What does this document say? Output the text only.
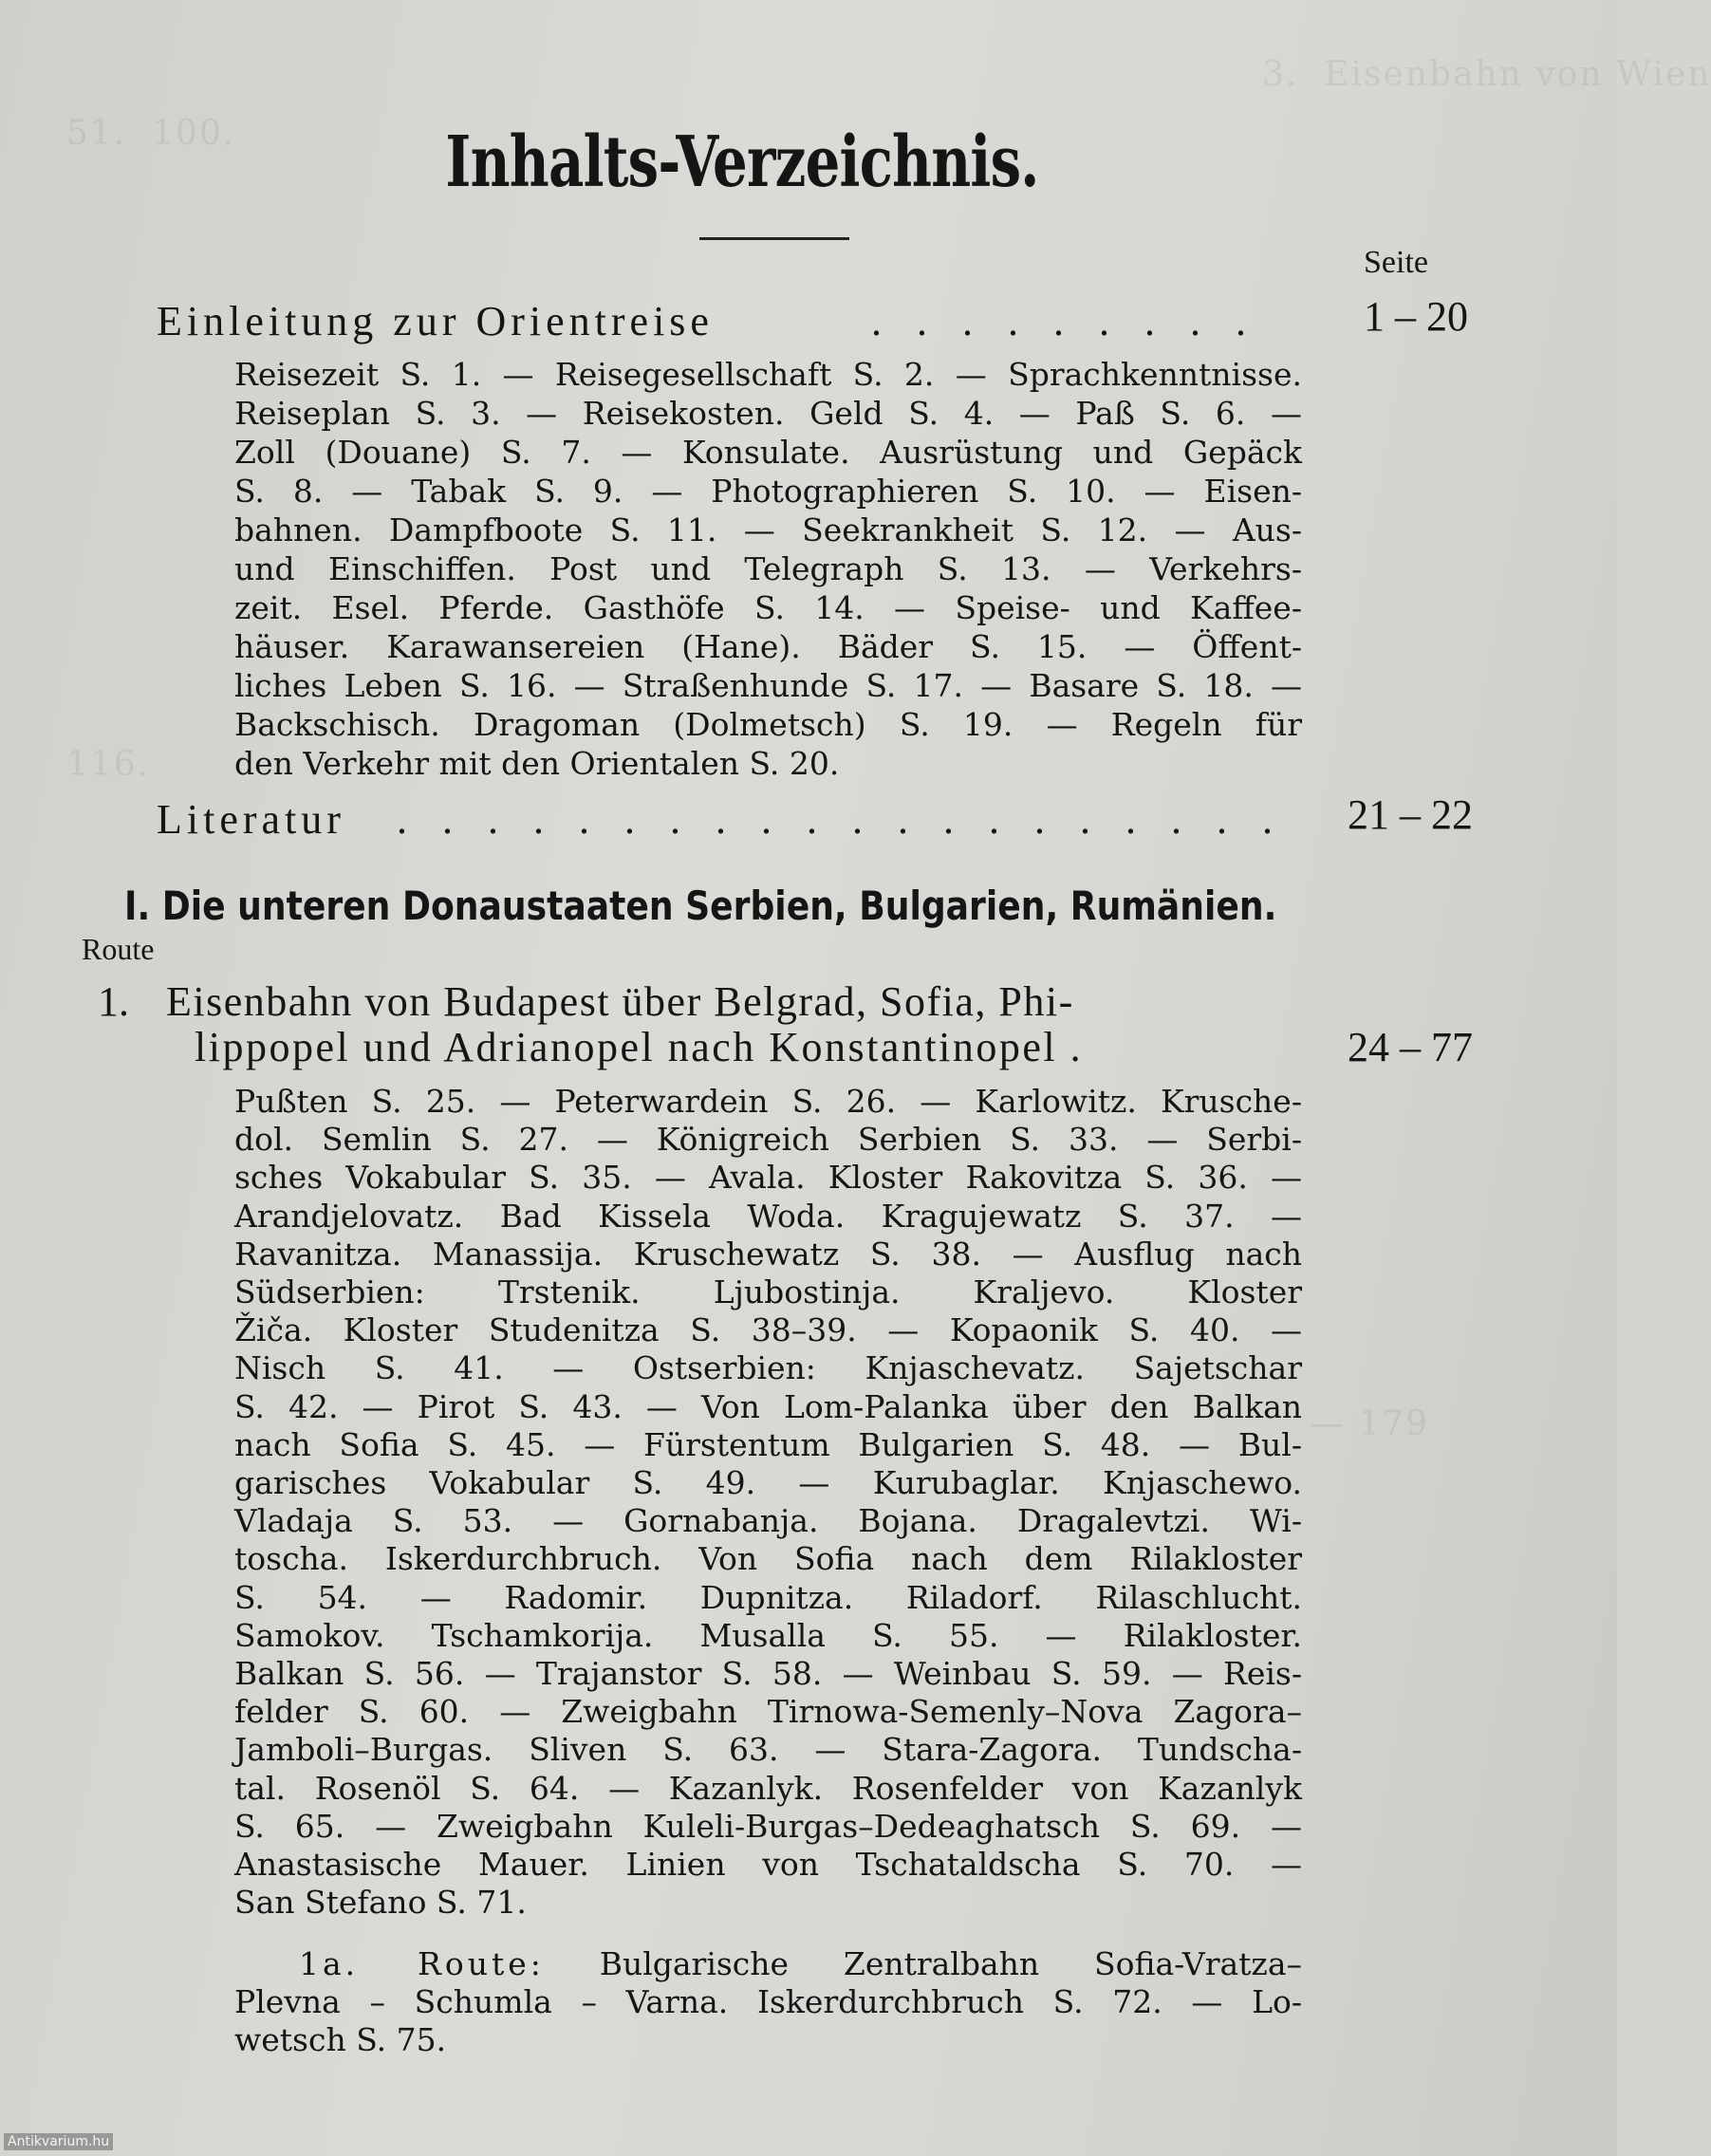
3.  Eisenbahn von Wien
51.  100.
116.
— 179
Inhalts-Verzeichnis.
Seite
Einleitung zur Orientreise	. . . . . . . . .	1 – 20
Reisezeit S. 1. — Reisegesellschaft S. 2. — Sprachkenntnisse.
Reiseplan S. 3. — Reisekosten. Geld S. 4. — Paß S. 6. —
Zoll (Douane) S. 7. — Konsulate. Ausrüstung und Gepäck
S. 8. — Tabak S. 9. — Photographieren S. 10. — Eisen-
bahnen. Dampfboote S. 11. — Seekrankheit S. 12. — Aus-
und Einschiffen. Post und Telegraph S. 13. — Verkehrs-
zeit. Esel. Pferde. Gasthöfe S. 14. — Speise- und Kaffee-
häuser. Karawansereien (Hane). Bäder S. 15. — Öffent-
liches Leben S. 16. — Straßenhunde S. 17. — Basare S. 18. —
Backschisch. Dragoman (Dolmetsch) S. 19. — Regeln für
den Verkehr mit den Orientalen S. 20.
Literatur . . . . . . . . . . . . . . . . . . . . 21 – 22
I. Die unteren Donaustaaten Serbien, Bulgarien, Rumänien.
Route
1. Eisenbahn von Budapest über Belgrad, Sofia, Phi-
lippopel und Adrianopel nach Konstantinopel .	24 – 77
Pußten S. 25. — Peterwardein S. 26. — Karlowitz. Krusche-
dol. Semlin S. 27. — Königreich Serbien S. 33. — Serbi-
sches Vokabular S. 35. — Avala. Kloster Rakovitza S. 36. —
Arandjelovatz. Bad Kissela Woda. Kragujewatz S. 37. —
Ravanitza. Manassija. Kruschewatz S. 38. — Ausflug nach
Südserbien: Trstenik. Ljubostinja. Kraljevo. Kloster
Žiča. Kloster Studenitza S. 38–39. — Kopaonik S. 40. —
Nisch S. 41. — Ostserbien: Knjaschevatz. Sajetschar
S. 42. — Pirot S. 43. — Von Lom-Palanka über den Balkan
nach Sofia S. 45. — Fürstentum Bulgarien S. 48. — Bul-
garisches Vokabular S. 49. — Kurubaglar. Knjaschewo.
Vladaja S. 53. — Gornabanja. Bojana. Dragalevtzi. Wi-
toscha. Iskerdurchbruch. Von Sofia nach dem Rilakloster
S. 54. — Radomir. Dupnitza. Riladorf. Rilaschlucht.
Samokov. Tschamkorija. Musalla S. 55. — Rilakloster.
Balkan S. 56. — Trajanstor S. 58. — Weinbau S. 59. — Reis-
felder S. 60. — Zweigbahn Tirnowa-Semenly–Nova Zagora–
Jamboli–Burgas. Sliven S. 63. — Stara-Zagora. Tundscha-
tal. Rosenöl S. 64. — Kazanlyk. Rosenfelder von Kazanlyk
S. 65. — Zweigbahn Kuleli-Burgas–Dedeaghatsch S. 69. —
Anastasische Mauer. Linien von Tschataldscha S. 70. —
San Stefano S. 71.
1a. Route: Bulgarische Zentralbahn Sofia-Vratza–
Plevna – Schumla – Varna. Iskerdurchbruch S. 72. — Lo-
wetsch S. 75.
Antikvarium.hu
